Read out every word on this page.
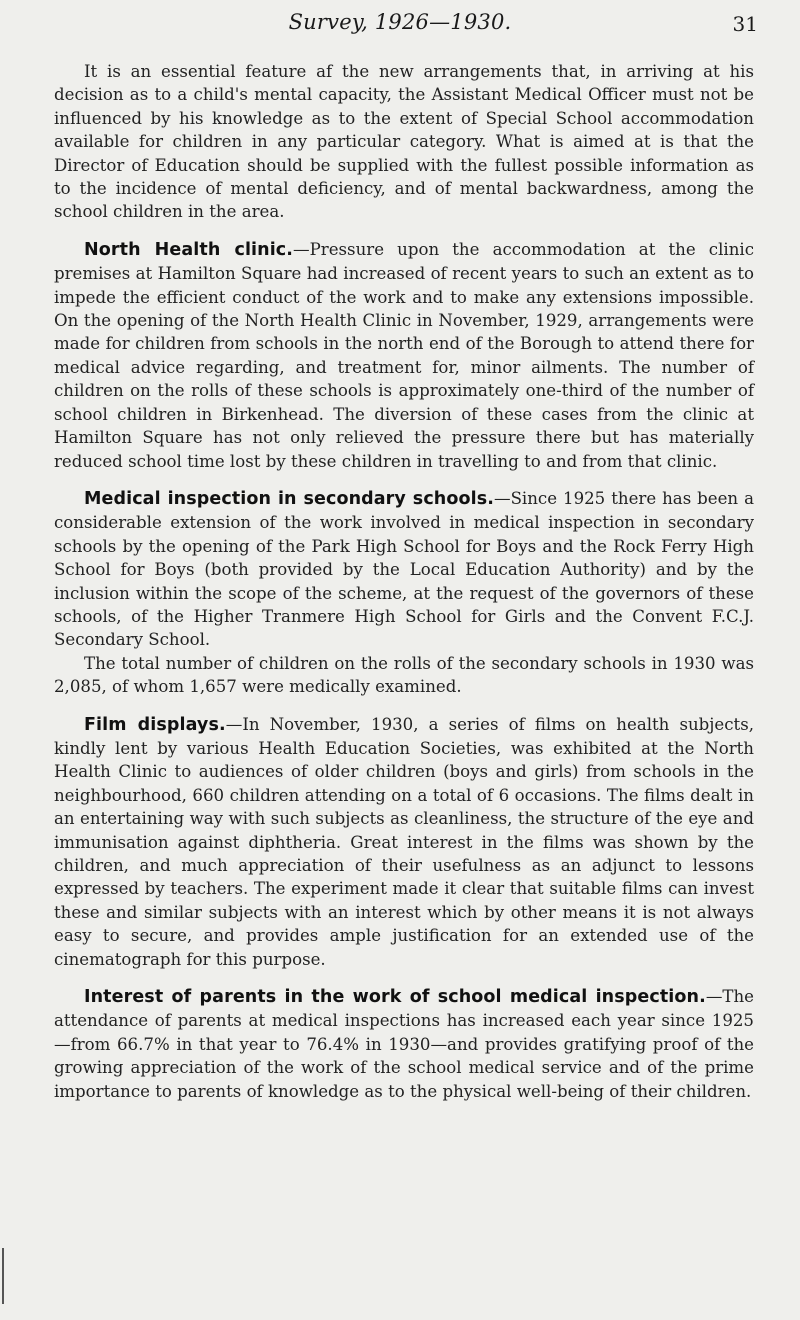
Survey, 1926—1930.	31

It is an essential feature af the new arrangements that, in arriving at his decision as to a child's mental capacity, the Assistant Medical Officer must not be influenced by his knowledge as to the extent of Special School accommodation available for children in any particular category. What is aimed at is that the Director of Education should be supplied with the fullest possible information as to the incidence of mental deficiency, and of mental backwardness, among the school children in the area.

North Health clinic.—Pressure upon the accommodation at the clinic premises at Hamilton Square had increased of recent years to such an extent as to impede the efficient conduct of the work and to make any extensions impossible. On the opening of the North Health Clinic in November, 1929, arrangements were made for children from schools in the north end of the Borough to attend there for medical advice regarding, and treatment for, minor ailments. The number of children on the rolls of these schools is approximately one-third of the number of school children in Birkenhead. The diversion of these cases from the clinic at Hamilton Square has not only relieved the pressure there but has materially reduced school time lost by these children in travelling to and from that clinic.

Medical inspection in secondary schools.—Since 1925 there has been a considerable extension of the work involved in medical inspection in secondary schools by the opening of the Park High School for Boys and the Rock Ferry High School for Boys (both provided by the Local Education Authority) and by the inclusion within the scope of the scheme, at the request of the governors of these schools, of the Higher Tranmere High School for Girls and the Convent F.C.J. Secondary School.

The total number of children on the rolls of the secondary schools in 1930 was 2,085, of whom 1,657 were medically examined.

Film displays.—In November, 1930, a series of films on health subjects, kindly lent by various Health Education Societies, was exhibited at the North Health Clinic to audiences of older children (boys and girls) from schools in the neighbourhood, 660 children attending on a total of 6 occasions. The films dealt in an entertaining way with such subjects as cleanliness, the structure of the eye and immunisation against diphtheria. Great interest in the films was shown by the children, and much appreciation of their usefulness as an adjunct to lessons expressed by teachers. The experiment made it clear that suitable films can invest these and similar subjects with an interest which by other means it is not always easy to secure, and provides ample justification for an extended use of the cinematograph for this purpose.

Interest of parents in the work of school medical inspection.—The attendance of parents at medical inspections has increased each year since 1925—from 66.7% in that year to 76.4% in 1930—and provides gratifying proof of the growing appreciation of the work of the school medical service and of the prime importance to parents of knowledge as to the physical well-being of their children.
